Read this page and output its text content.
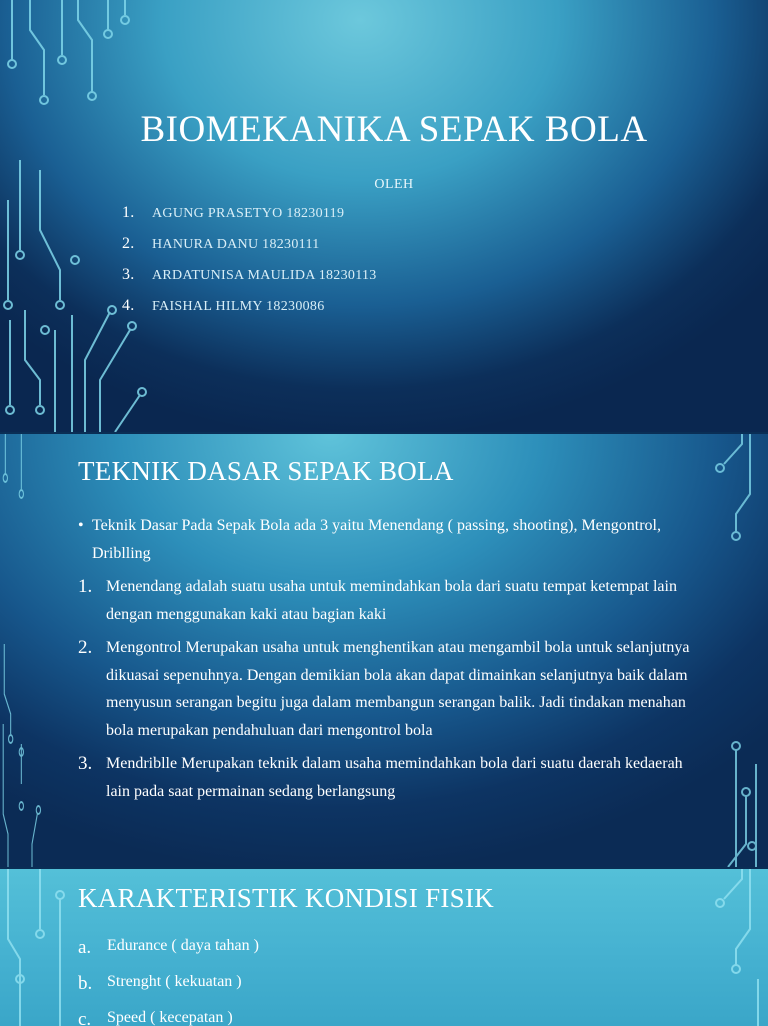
BIOMEKANIKA SEPAK BOLA
OLEH
1. AGUNG PRASETYO 18230119
2. HANURA DANU 18230111
3. ARDATUNISA MAULIDA 18230113
4. FAISHAL HILMY 18230086
TEKNIK DASAR SEPAK BOLA
• Teknik Dasar Pada Sepak Bola ada 3 yaitu Menendang ( passing, shooting), Mengontrol, Driblling
1. Menendang adalah suatu usaha untuk memindahkan bola dari suatu tempat ketempat lain dengan menggunakan kaki atau bagian kaki
2. Mengontrol Merupakan usaha untuk menghentikan atau mengambil bola untuk selanjutnya dikuasai sepenuhnya. Dengan demikian bola akan dapat dimainkan selanjutnya baik dalam menyusun serangan begitu juga dalam membangun serangan balik. Jadi tindakan menahan bola merupakan pendahuluan dari mengontrol bola
3. Mendriblle Merupakan teknik dalam usaha memindahkan bola dari suatu daerah kedaerah lain pada saat permainan sedang berlangsung
KARAKTERISTIK KONDISI FISIK
a. Edurance ( daya tahan )
b. Strenght ( kekuatan )
c. Speed ( kecepatan )
